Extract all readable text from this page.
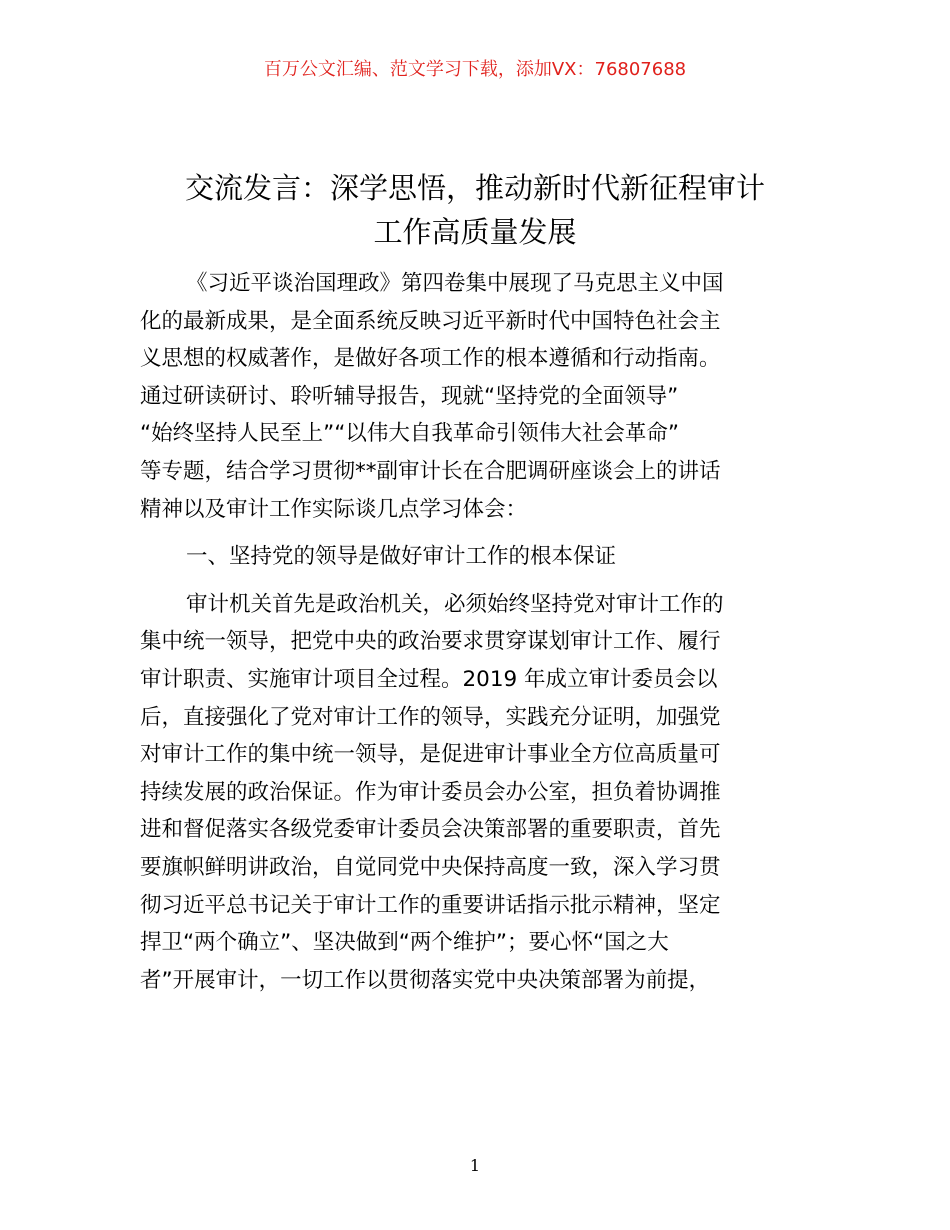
百万公文汇编、范文学习下载，添加VX：76807688
交流发言：深学思悟，推动新时代新征程审计
工作高质量发展
《习近平谈治国理政》第四卷集中展现了马克思主义中国
化的最新成果，是全面系统反映习近平新时代中国特色社会主
义思想的权威著作，是做好各项工作的根本遵循和行动指南。
通过研读研讨、聆听辅导报告，现就“坚持党的全面领导”
“始终坚持人民至上”“以伟大自我革命引领伟大社会革命”
等专题，结合学习贯彻**副审计长在合肥调研座谈会上的讲话
精神以及审计工作实际谈几点学习体会：
一、坚持党的领导是做好审计工作的根本保证
审计机关首先是政治机关，必须始终坚持党对审计工作的
集中统一领导，把党中央的政治要求贯穿谋划审计工作、履行
审计职责、实施审计项目全过程。2019 年成立审计委员会以
后，直接强化了党对审计工作的领导，实践充分证明，加强党
对审计工作的集中统一领导，是促进审计事业全方位高质量可
持续发展的政治保证。作为审计委员会办公室，担负着协调推
进和督促落实各级党委审计委员会决策部署的重要职责，首先
要旗帜鲜明讲政治，自觉同党中央保持高度一致，深入学习贯
彻习近平总书记关于审计工作的重要讲话指示批示精神，坚定
捍卫“两个确立”、坚决做到“两个维护”；要心怀“国之大
者”开展审计，一切工作以贯彻落实党中央决策部署为前提，
1
